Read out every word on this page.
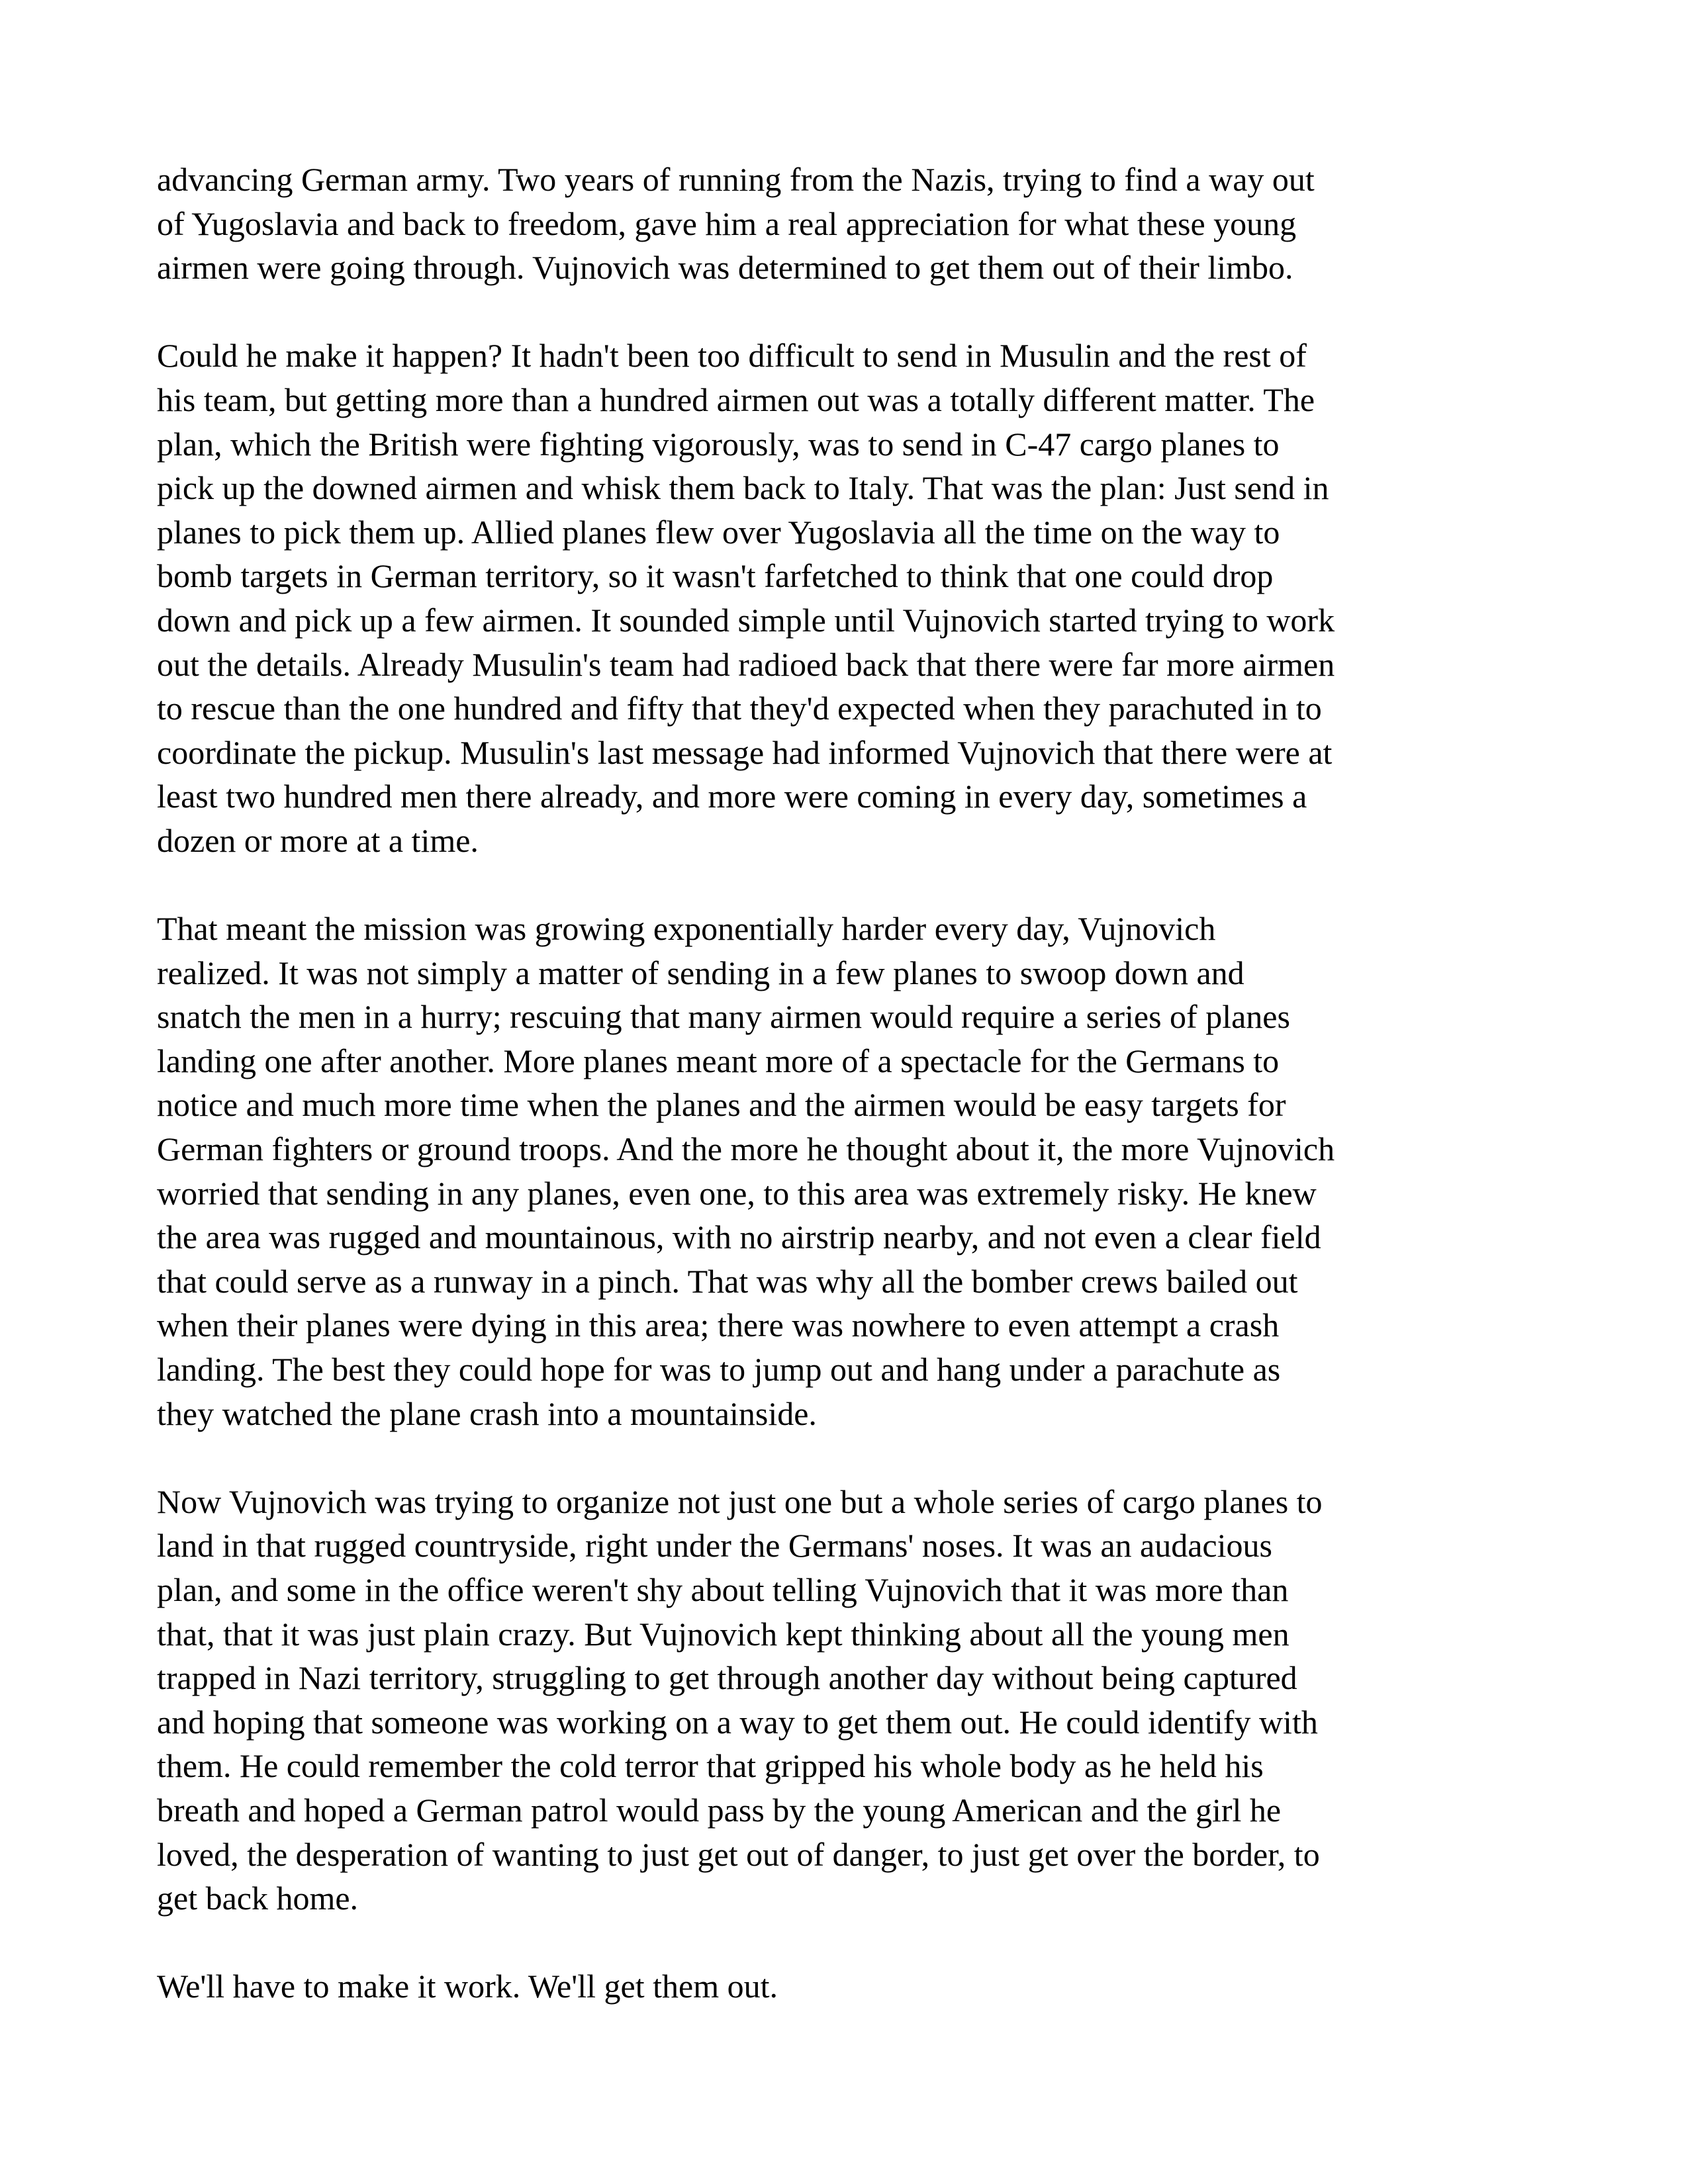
advancing German army. Two years of running from the Nazis, trying to find a way out
of Yugoslavia and back to freedom, gave him a real appreciation for what these young
airmen were going through. Vujnovich was determined to get them out of their limbo.

Could he make it happen? It hadn't been too difficult to send in Musulin and the rest of
his team, but getting more than a hundred airmen out was a totally different matter. The
plan, which the British were fighting vigorously, was to send in C-47 cargo planes to
pick up the downed airmen and whisk them back to Italy. That was the plan: Just send in
planes to pick them up. Allied planes flew over Yugoslavia all the time on the way to
bomb targets in German territory, so it wasn't farfetched to think that one could drop
down and pick up a few airmen. It sounded simple until Vujnovich started trying to work
out the details. Already Musulin's team had radioed back that there were far more airmen
to rescue than the one hundred and fifty that they'd expected when they parachuted in to
coordinate the pickup. Musulin's last message had informed Vujnovich that there were at
least two hundred men there already, and more were coming in every day, sometimes a
dozen or more at a time.

That meant the mission was growing exponentially harder every day, Vujnovich
realized. It was not simply a matter of sending in a few planes to swoop down and
snatch the men in a hurry; rescuing that many airmen would require a series of planes
landing one after another. More planes meant more of a spectacle for the Germans to
notice and much more time when the planes and the airmen would be easy targets for
German fighters or ground troops. And the more he thought about it, the more Vujnovich
worried that sending in any planes, even one, to this area was extremely risky. He knew
the area was rugged and mountainous, with no airstrip nearby, and not even a clear field
that could serve as a runway in a pinch. That was why all the bomber crews bailed out
when their planes were dying in this area; there was nowhere to even attempt a crash
landing. The best they could hope for was to jump out and hang under a parachute as
they watched the plane crash into a mountainside.

Now Vujnovich was trying to organize not just one but a whole series of cargo planes to
land in that rugged countryside, right under the Germans' noses. It was an audacious
plan, and some in the office weren't shy about telling Vujnovich that it was more than
that, that it was just plain crazy. But Vujnovich kept thinking about all the young men
trapped in Nazi territory, struggling to get through another day without being captured
and hoping that someone was working on a way to get them out. He could identify with
them. He could remember the cold terror that gripped his whole body as he held his
breath and hoped a German patrol would pass by the young American and the girl he
loved, the desperation of wanting to just get out of danger, to just get over the border, to
get back home.

We'll have to make it work. We'll get them out.
